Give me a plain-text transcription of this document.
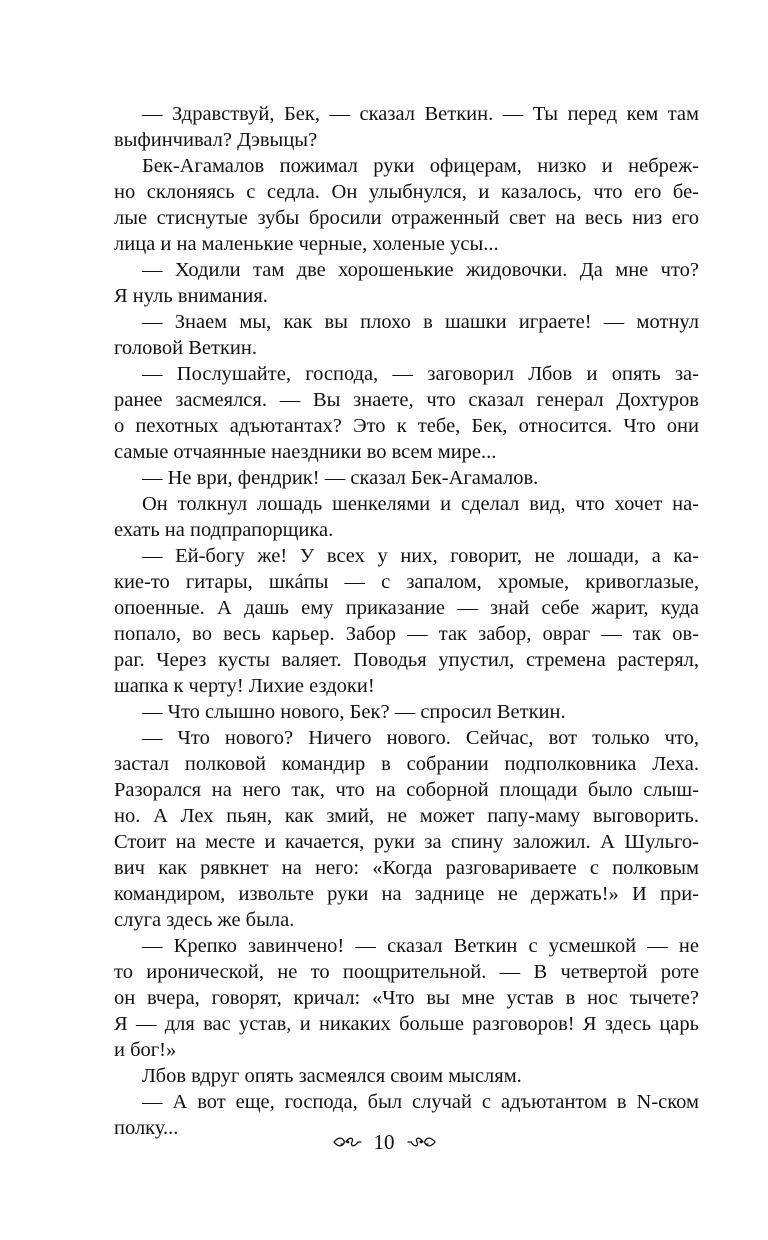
— Здравствуй, Бек, — сказал Веткин. — Ты перед кем там
выфинчивал? Дэвыцы?
Бек-Агамалов пожимал руки офицерам, низко и небреж-
но склоняясь с седла. Он улыбнулся, и казалось, что его бе-
лые стиснутые зубы бросили отраженный свет на весь низ его
лица и на маленькие черные, холеные усы...
— Ходили там две хорошенькие жидовочки. Да мне что?
Я нуль внимания.
— Знаем мы, как вы плохо в шашки играете! — мотнул
головой Веткин.
— Послушайте, господа, — заговорил Лбов и опять за-
ранее засмеялся. — Вы знаете, что сказал генерал Дохтуров
о пехотных адъютантах? Это к тебе, Бек, относится. Что они
самые отчаянные наездники во всем мире...
— Не ври, фендрик! — сказал Бек-Агамалов.
Он толкнул лошадь шенкелями и сделал вид, что хочет на-
ехать на подпрапорщика.
— Ей-богу же! У всех у них, говорит, не лошади, а ка-
кие-то гитары, шкáпы — с запалом, хромые, кривоглазые,
опоенные. А дашь ему приказание — знай себе жарит, куда
попало, во весь карьер. Забор — так забор, овраг — так ов-
раг. Через кусты валяет. Поводья упустил, стремена растерял,
шапка к черту! Лихие ездоки!
— Что слышно нового, Бек? — спросил Веткин.
— Что нового? Ничего нового. Сейчас, вот только что,
застал полковой командир в собрании подполковника Леха.
Разорался на него так, что на соборной площади было слыш-
но. А Лех пьян, как змий, не может папу-маму выговорить.
Стоит на месте и качается, руки за спину заложил. А Шульго-
вич как рявкнет на него: «Когда разговариваете с полковым
командиром, извольте руки на заднице не держать!» И при-
слуга здесь же была.
— Крепко завинчено! — сказал Веткин с усмешкой — не
то иронической, не то поощрительной. — В четвертой роте
он вчера, говорят, кричал: «Что вы мне устав в нос тычете?
Я — для вас устав, и никаких больше разговоров! Я здесь царь
и бог!»
Лбов вдруг опять засмеялся своим мыслям.
— А вот еще, господа, был случай с адъютантом в N-ском
полку...
10
